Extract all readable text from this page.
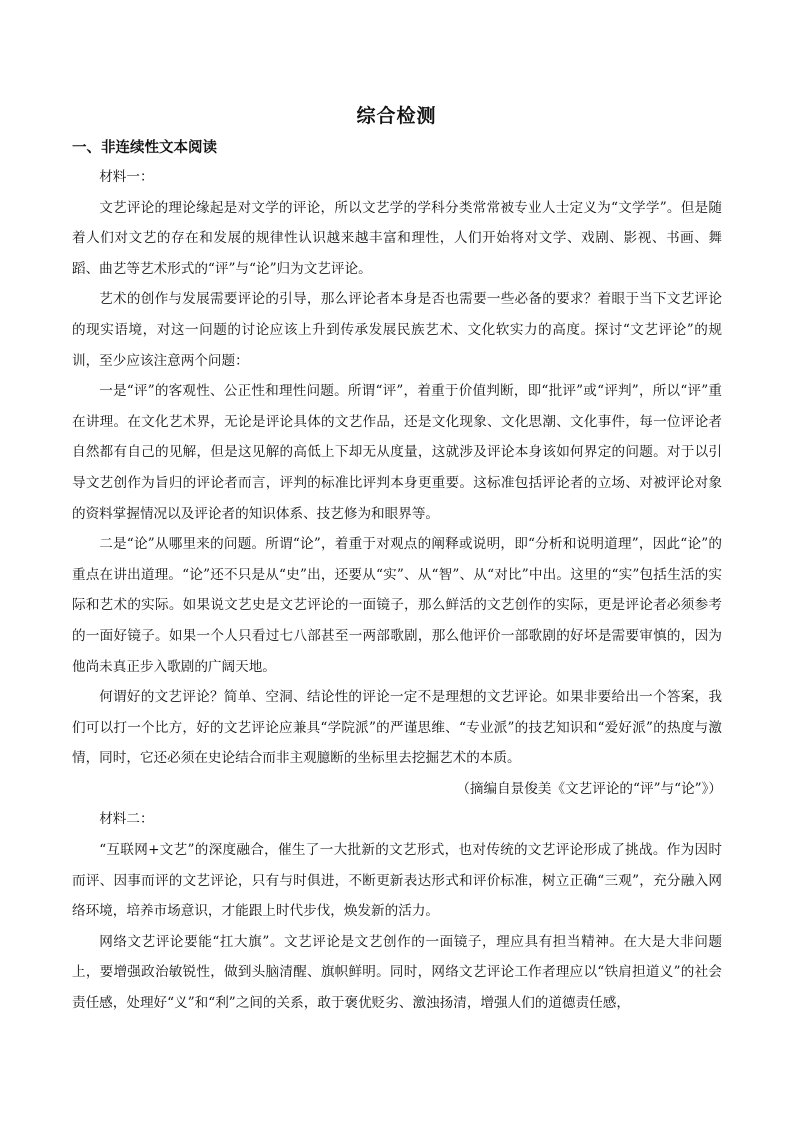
综合检测
一、非连续性文本阅读

材料一：

文艺评论的理论缘起是对文学的评论，所以文艺学的学科分类常常被专业人士定义为“文学学”。但是随着人们对文艺的存在和发展的规律性认识越来越丰富和理性，人们开始将对文学、戏剧、影视、书画、舞蹈、曲艺等艺术形式的“评”与“论”归为文艺评论。

艺术的创作与发展需要评论的引导，那么评论者本身是否也需要一些必备的要求？着眼于当下文艺评论的现实语境，对这一问题的讨论应该上升到传承发展民族艺术、文化软实力的高度。探讨“文艺评论”的规训，至少应该注意两个问题：

一是“评”的客观性、公正性和理性问题。所谓“评”，着重于价值判断，即“批评”或“评判”，所以“评”重在讲理。在文化艺术界，无论是评论具体的文艺作品，还是文化现象、文化思潮、文化事件，每一位评论者自然都有自己的见解，但是这见解的高低上下却无从度量，这就涉及评论本身该如何界定的问题。对于以引导文艺创作为旨归的评论者而言，评判的标准比评判本身更重要。这标准包括评论者的立场、对被评论对象的资料掌握情况以及评论者的知识体系、技艺修为和眼界等。

二是“论”从哪里来的问题。所谓“论”，着重于对观点的阐释或说明，即“分析和说明道理”，因此“论”的重点在讲出道理。“论”还不只是从“史”出，还要从“实”、从“智”、从“对比”中出。这里的“实”包括生活的实际和艺术的实际。如果说文艺史是文艺评论的一面镜子，那么鲜活的文艺创作的实际，更是评论者必须参考的一面好镜子。如果一个人只看过七八部甚至一两部歌剧，那么他评价一部歌剧的好坏是需要审慎的，因为他尚未真正步入歌剧的广阔天地。

何谓好的文艺评论？简单、空洞、结论性的评论一定不是理想的文艺评论。如果非要给出一个答案，我们可以打一个比方，好的文艺评论应兼具“学院派”的严谨思维、“专业派”的技艺知识和“爱好派”的热度与激情，同时，它还必须在史论结合而非主观臆断的坐标里去挖掘艺术的本质。

（摘编自景俊美《文艺评论的“评”与“论”》）

材料二：

“互联网+文艺”的深度融合，催生了一大批新的文艺形式，也对传统的文艺评论形成了挑战。作为因时而评、因事而评的文艺评论，只有与时俱进，不断更新表达形式和评价标准，树立正确“三观”，充分融入网络环境，培养市场意识，才能跟上时代步伐，焕发新的活力。

网络文艺评论要能“扛大旗”。文艺评论是文艺创作的一面镜子，理应具有担当精神。在大是大非问题上，要增强政治敏锐性，做到头脑清醒、旗帜鲜明。同时，网络文艺评论工作者理应以“铁肩担道义”的社会责任感，处理好“义”和“利”之间的关系，敢于褒优贬劣、激浊扬清，增强人们的道德责任感，
